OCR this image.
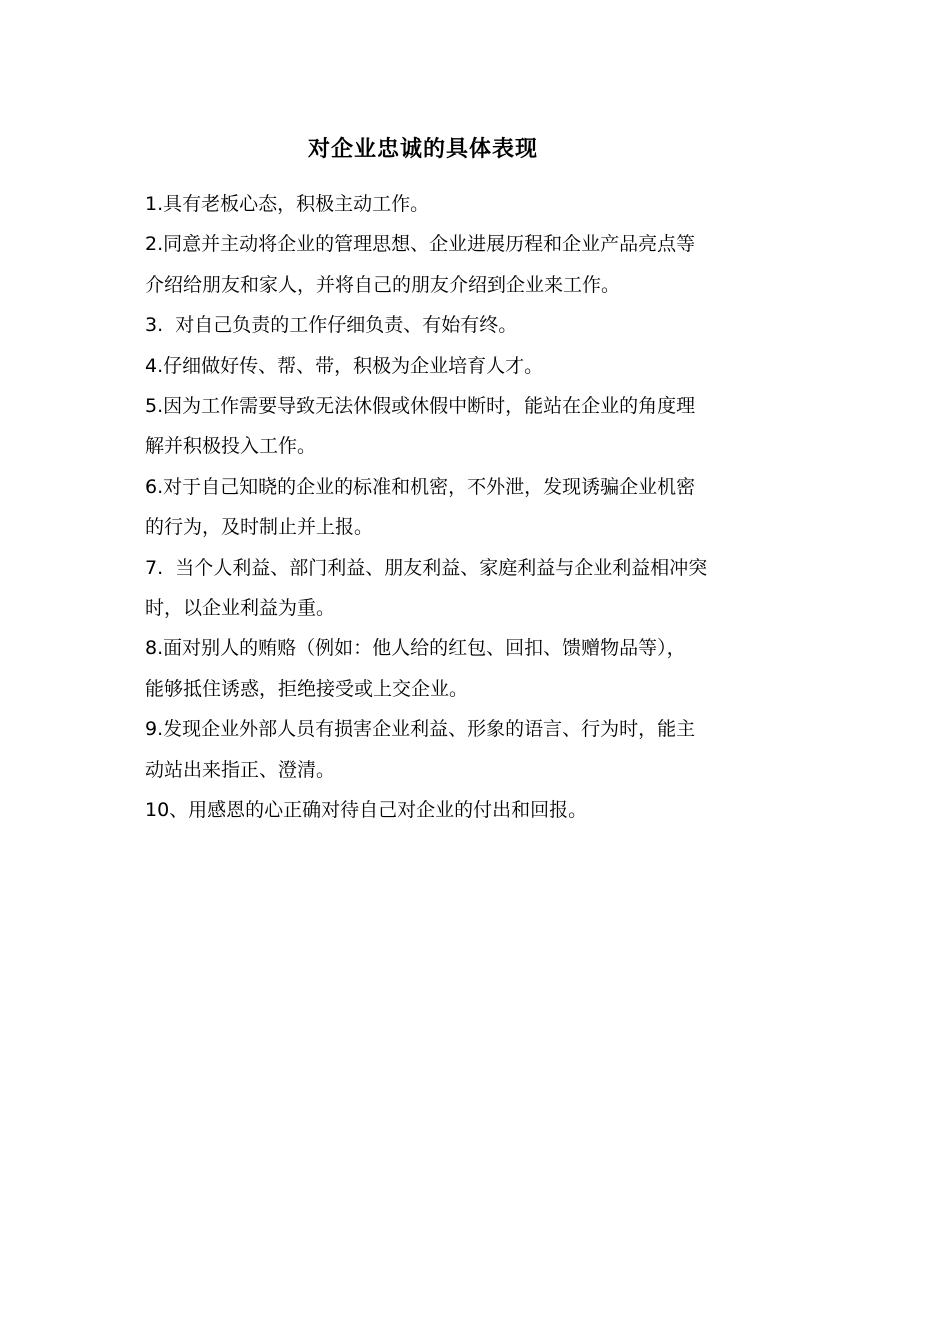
对企业忠诚的具体表现
1.具有老板心态，积极主动工作。
2.同意并主动将企业的管理思想、企业进展历程和企业产品亮点等
介绍给朋友和家人，并将自己的朋友介绍到企业来工作。
3.  对自己负责的工作仔细负责、有始有终。
4.仔细做好传、帮、带，积极为企业培育人才。
5.因为工作需要导致无法休假或休假中断时，能站在企业的角度理
解并积极投入工作。
6.对于自己知晓的企业的标准和机密，不外泄，发现诱骗企业机密
的行为，及时制止并上报。
7.  当个人利益、部门利益、朋友利益、家庭利益与企业利益相冲突
时，以企业利益为重。
8.面对别人的贿赂（例如：他人给的红包、回扣、馈赠物品等），
能够抵住诱惑，拒绝接受或上交企业。
9.发现企业外部人员有损害企业利益、形象的语言、行为时，能主
动站出来指正、澄清。
10、用感恩的心正确对待自己对企业的付出和回报。
